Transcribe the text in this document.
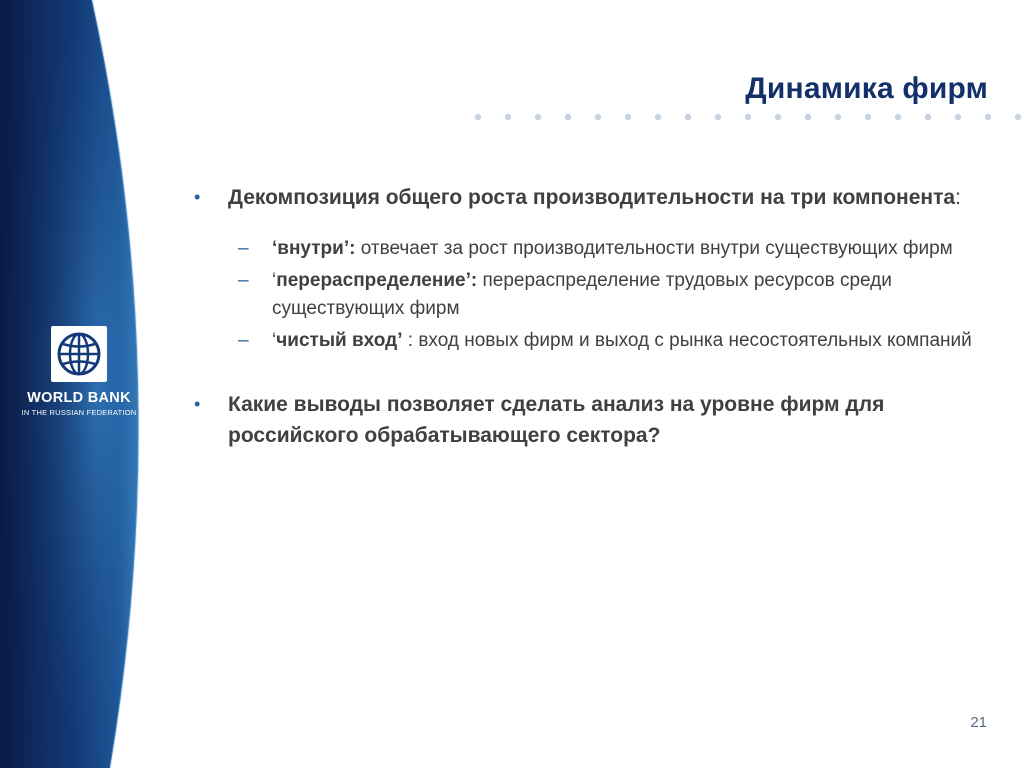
WORLD BANK
IN THE RUSSIAN FEDERATION
Динамика фирм
• Декомпозиция общего роста производительности на три компонента:
– ‘внутри’: отвечает за рост производительности внутри существующих фирм
– ‘перераспределение’: перераспределение трудовых ресурсов среди существующих фирм
– ‘чистый вход’ : вход новых фирм и выход с рынка несостоятельных компаний
• Какие выводы позволяет сделать анализ на уровне фирм для российского обрабатывающего сектора?
21
